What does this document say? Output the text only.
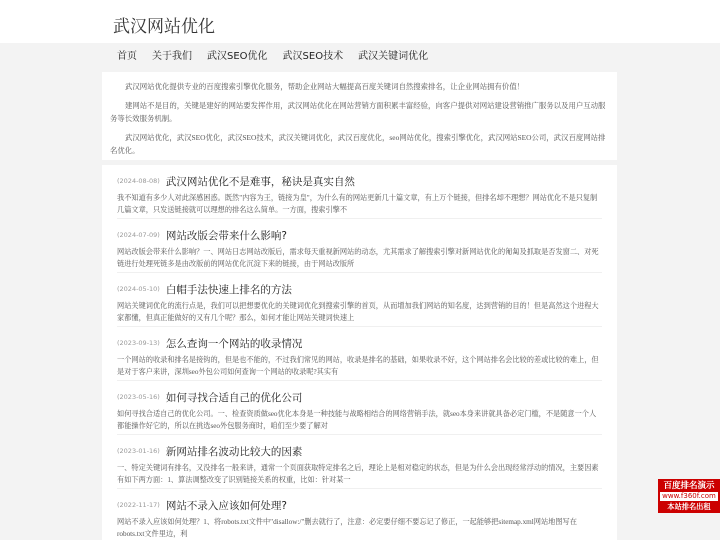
武汉网站优化
首页 关于我们 武汉SEO优化 武汉SEO技术 武汉关键词优化

武汉网站优化提供专业的百度搜索引擎优化服务，帮助企业网站大幅提高百度关键词自然搜索排名，让企业网站拥有价值！

建网站不是目的，关键是建好的网站要发挥作用，武汉网站优化在网站营销方面积累丰富经验，向客户提供对网站建设营销推广服务以及用户互动服务等长效服务机制。

武汉网站优化，武汉SEO优化，武汉SEO技术，武汉关键词优化，武汉百度优化，seo网站优化，搜索引擎优化，武汉网站SEO公司，武汉百度网站排名优化。

(2024-08-08) 武汉网站优化不是难事，秘诀是真实自然

我不知道有多少人对此深感困惑。既然"内容为王，链接为皇"，为什么有的网站更新几十篇文章，有上万个链接，但排名却不理想？网站优化不是只复制几篇文章，只发送链接就可以理想的排名这么简单。一方面，搜索引擎不

(2024-07-09) 网站改版会带来什么影响?

网站改版会带来什么影响？一、网站日志网站改版后，需求每天重视新网站的动态，尤其需求了解搜索引擎对新网站优化的匍匐及抓取是否发窗二、对死链进行处理死链多是由改版前的网站优化沉淀下来的链接，由于网站改版所

(2024-05-10) 白帽手法快速上排名的方法

网站关键词优化的流行点是，我们可以把想要优化的关键词优化到搜索引擎的首页，从而增加我们网站的知名度，达到营销的目的！但是高然这个进程大家都懂，但真正能做好的又有几个呢？那么，如何才能让网站关键词快速上

(2023-09-13) 怎么查询一个网站的收录情况

一个网站的收录和排名是接钩的，但是也不能的，不过我们常见的网站，收录是排名的基础，如果收录不好，这个网站排名会比较的差或比较的难上，但是对于客户来讲，深圳seo外包公司如何查询一个网站的收录呢?其实有

(2023-05-16) 如何寻找合适自己的优化公司

如何寻找合适自己的优化公司。一、检查资质做seo优化本身是一种技能与战略相结合的网络营销手法，就seo本身来讲就具备必定门槛，不是随意一个人都能操作好它的，所以在挑选seo外包服务商时，咱们至少要了解对

(2023-01-16) 新网站排名波动比较大的因素

一、特定关键词有排名，又没排名一般来讲，通常一个页面获取特定排名之后，理论上是相对稳定的状态，但是为什么会出现经常浮动的情况，主要因素有如下两方面：1、算法调整改变了识别链接关系的权重，比如：针对某一

(2022-11-17) 网站不录入应该如何处理?

网站不录入应该如何处理？1、将robots.txt文件中"disallow:/"删去就行了，注意：必定要仔细不要忘记了修正，一起能够把sitemap.xml网站地图写在robots.txt文件里边，利

百度排名演示
www.f360f.com
本站排名出租
